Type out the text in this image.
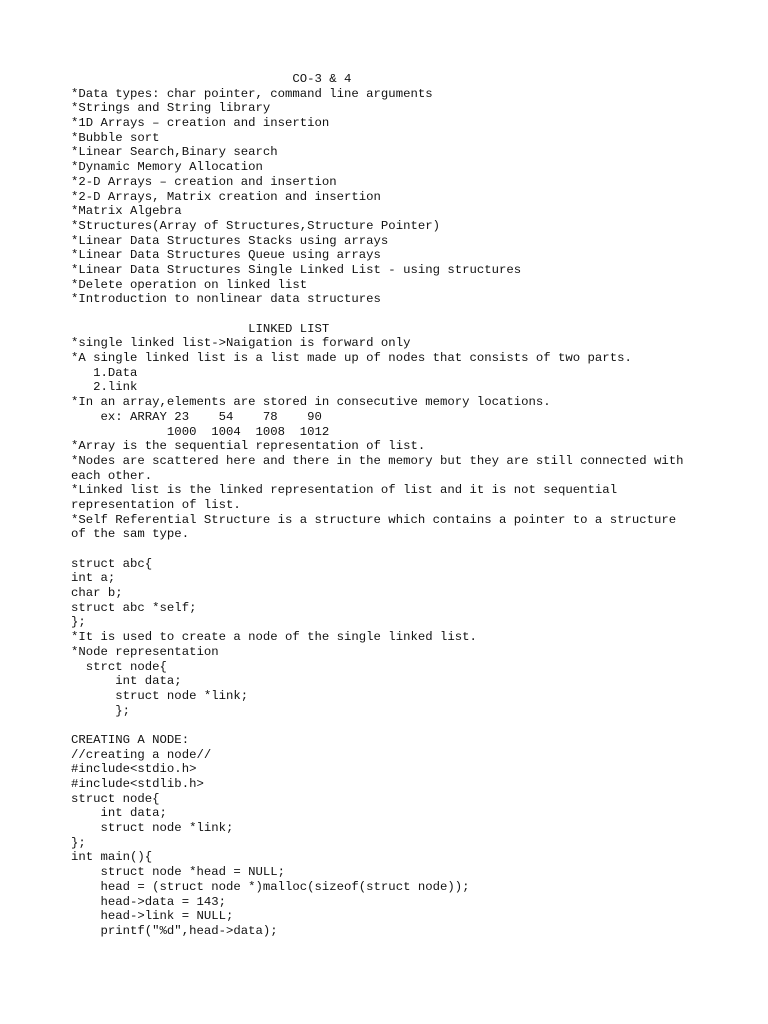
CO-3 & 4
*Data types: char pointer, command line arguments
*Strings and String library
*1D Arrays – creation and insertion
*Bubble sort
*Linear Search,Binary search
*Dynamic Memory Allocation
*2-D Arrays – creation and insertion
*2-D Arrays, Matrix creation and insertion
*Matrix Algebra
*Structures(Array of Structures,Structure Pointer)
*Linear Data Structures Stacks using arrays
*Linear Data Structures Queue using arrays
*Linear Data Structures Single Linked List - using structures
*Delete operation on linked list
*Introduction to nonlinear data structures
LINKED LIST
*single linked list->Naigation is forward only
*A single linked list is a list made up of nodes that consists of two parts.
1.Data
2.link
*In an array,elements are stored in consecutive memory locations.
ex: ARRAY 23    54    78    90
1000  1004  1008  1012
*Array is the sequential representation of list.
*Nodes are scattered here and there in the memory but they are still connected with
each other.
*Linked list is the linked representation of list and it is not sequential
representation of list.
*Self Referential Structure is a structure which contains a pointer to a structure
of the sam type.
struct abc{
int a;
char b;
struct abc *self;
};
*It is used to create a node of the single linked list.
*Node representation
strct node{
int data;
struct node *link;
};
CREATING A NODE:
//creating a node//
#include<stdio.h>
#include<stdlib.h>
struct node{
int data;
struct node *link;
};
int main(){
struct node *head = NULL;
head = (struct node *)malloc(sizeof(struct node));
head->data = 143;
head->link = NULL;
printf("%d",head->data);
